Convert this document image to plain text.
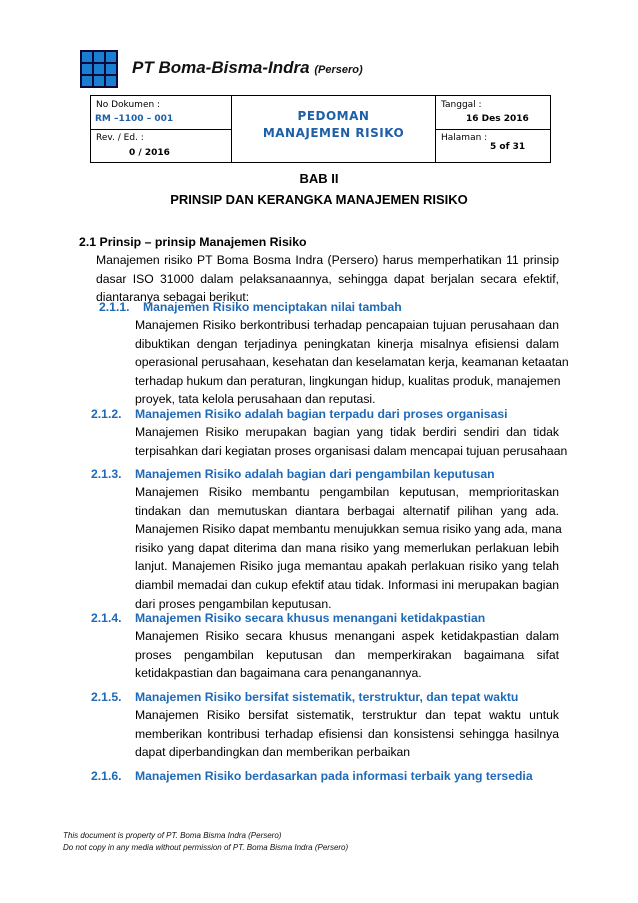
PT Boma-Bisma-Indra (Persero)
No Dokumen :
RM –1100 – 001
Rev. / Ed. :
0 / 2016
PEDOMAN
MANAJEMEN RISIKO
Tanggal :
16 Des 2016
Halaman :
5 of 31
BAB II
PRINSIP DAN KERANGKA MANAJEMEN RISIKO
2.1 Prinsip – prinsip Manajemen Risiko
Manajemen risiko PT Boma Bosma Indra (Persero) harus memperhatikan 11 prinsip
dasar ISO 31000 dalam pelaksanaannya, sehingga dapat berjalan secara efektif,
diantaranya sebagai berikut:
2.1.1. Manajemen Risiko menciptakan nilai tambah
Manajemen Risiko berkontribusi terhadap pencapaian tujuan perusahaan dan
dibuktikan dengan terjadinya peningkatan kinerja misalnya efisiensi dalam
operasional perusahaan, kesehatan dan keselamatan kerja, keamanan ketaatan
terhadap hukum dan peraturan, lingkungan hidup, kualitas produk, manajemen
proyek, tata kelola perusahaan dan reputasi.
2.1.2. Manajemen Risiko adalah bagian terpadu dari proses organisasi
Manajemen Risiko merupakan bagian yang tidak berdiri sendiri dan tidak
terpisahkan dari kegiatan proses organisasi dalam mencapai tujuan perusahaan
2.1.3. Manajemen Risiko adalah bagian dari pengambilan keputusan
Manajemen Risiko membantu pengambilan keputusan, memprioritaskan
tindakan dan memutuskan diantara berbagai alternatif pilihan yang ada.
Manajemen Risiko dapat membantu menujukkan semua risiko yang ada, mana
risiko yang dapat diterima dan mana risiko yang memerlukan perlakuan lebih
lanjut. Manajemen Risiko juga memantau apakah perlakuan risiko yang telah
diambil memadai dan cukup efektif atau tidak. Informasi ini merupakan bagian
dari proses pengambilan keputusan.
2.1.4. Manajemen Risiko secara khusus menangani ketidakpastian
Manajemen Risiko secara khusus menangani aspek ketidakpastian dalam
proses pengambilan keputusan dan memperkirakan bagaimana sifat
ketidakpastian dan bagaimana cara penanganannya.
2.1.5. Manajemen Risiko bersifat sistematik, terstruktur, dan tepat waktu
Manajemen Risiko bersifat sistematik, terstruktur dan tepat waktu untuk
memberikan kontribusi terhadap efisiensi dan konsistensi sehingga hasilnya
dapat diperbandingkan dan memberikan perbaikan
2.1.6. Manajemen Risiko berdasarkan pada informasi terbaik yang tersedia
This document is property of PT. Boma Bisma Indra (Persero)
Do not copy in any media without permission of PT. Boma Bisma Indra (Persero)
